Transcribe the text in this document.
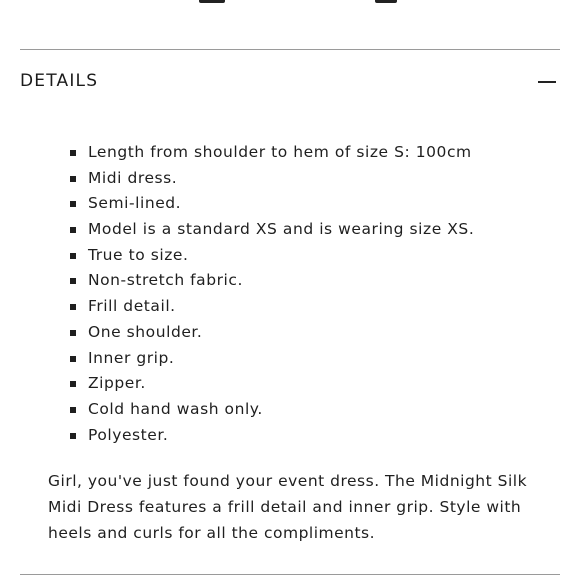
DETAILS
Length from shoulder to hem of size S: 100cm
Midi dress.
Semi-lined.
Model is a standard XS and is wearing size XS.
True to size.
Non-stretch fabric.
Frill detail.
One shoulder.
Inner grip.
Zipper.
Cold hand wash only.
Polyester.

Girl, you've just found your event dress. The Midnight Silk Midi Dress features a frill detail and inner grip. Style with heels and curls for all the compliments.
